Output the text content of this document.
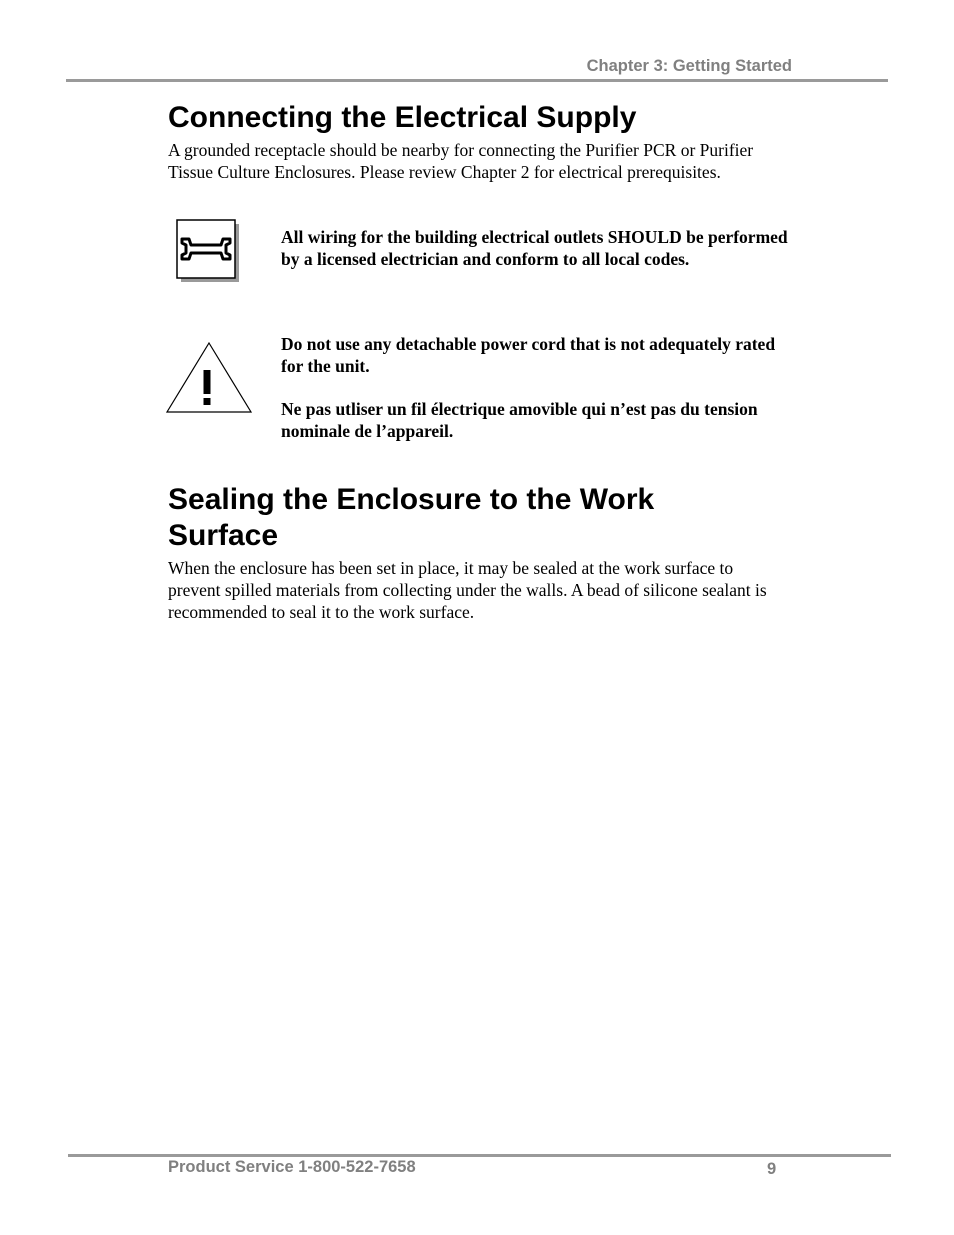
Chapter 3: Getting Started
Connecting the Electrical Supply

A grounded receptacle should be nearby for connecting the Purifier PCR or Purifier Tissue Culture Enclosures. Please review Chapter 2 for electrical prerequisites.

All wiring for the building electrical outlets SHOULD be performed by a licensed electrician and conform to all local codes.

Do not use any detachable power cord that is not adequately rated for the unit.

Ne pas utliser un fil électrique amovible qui n’est pas du tension nominale de l’appareil.

Sealing the Enclosure to the Work Surface

When the enclosure has been set in place, it may be sealed at the work surface to prevent spilled materials from collecting under the walls. A bead of silicone sealant is recommended to seal it to the work surface.

Product Service 1-800-522-7658	9
